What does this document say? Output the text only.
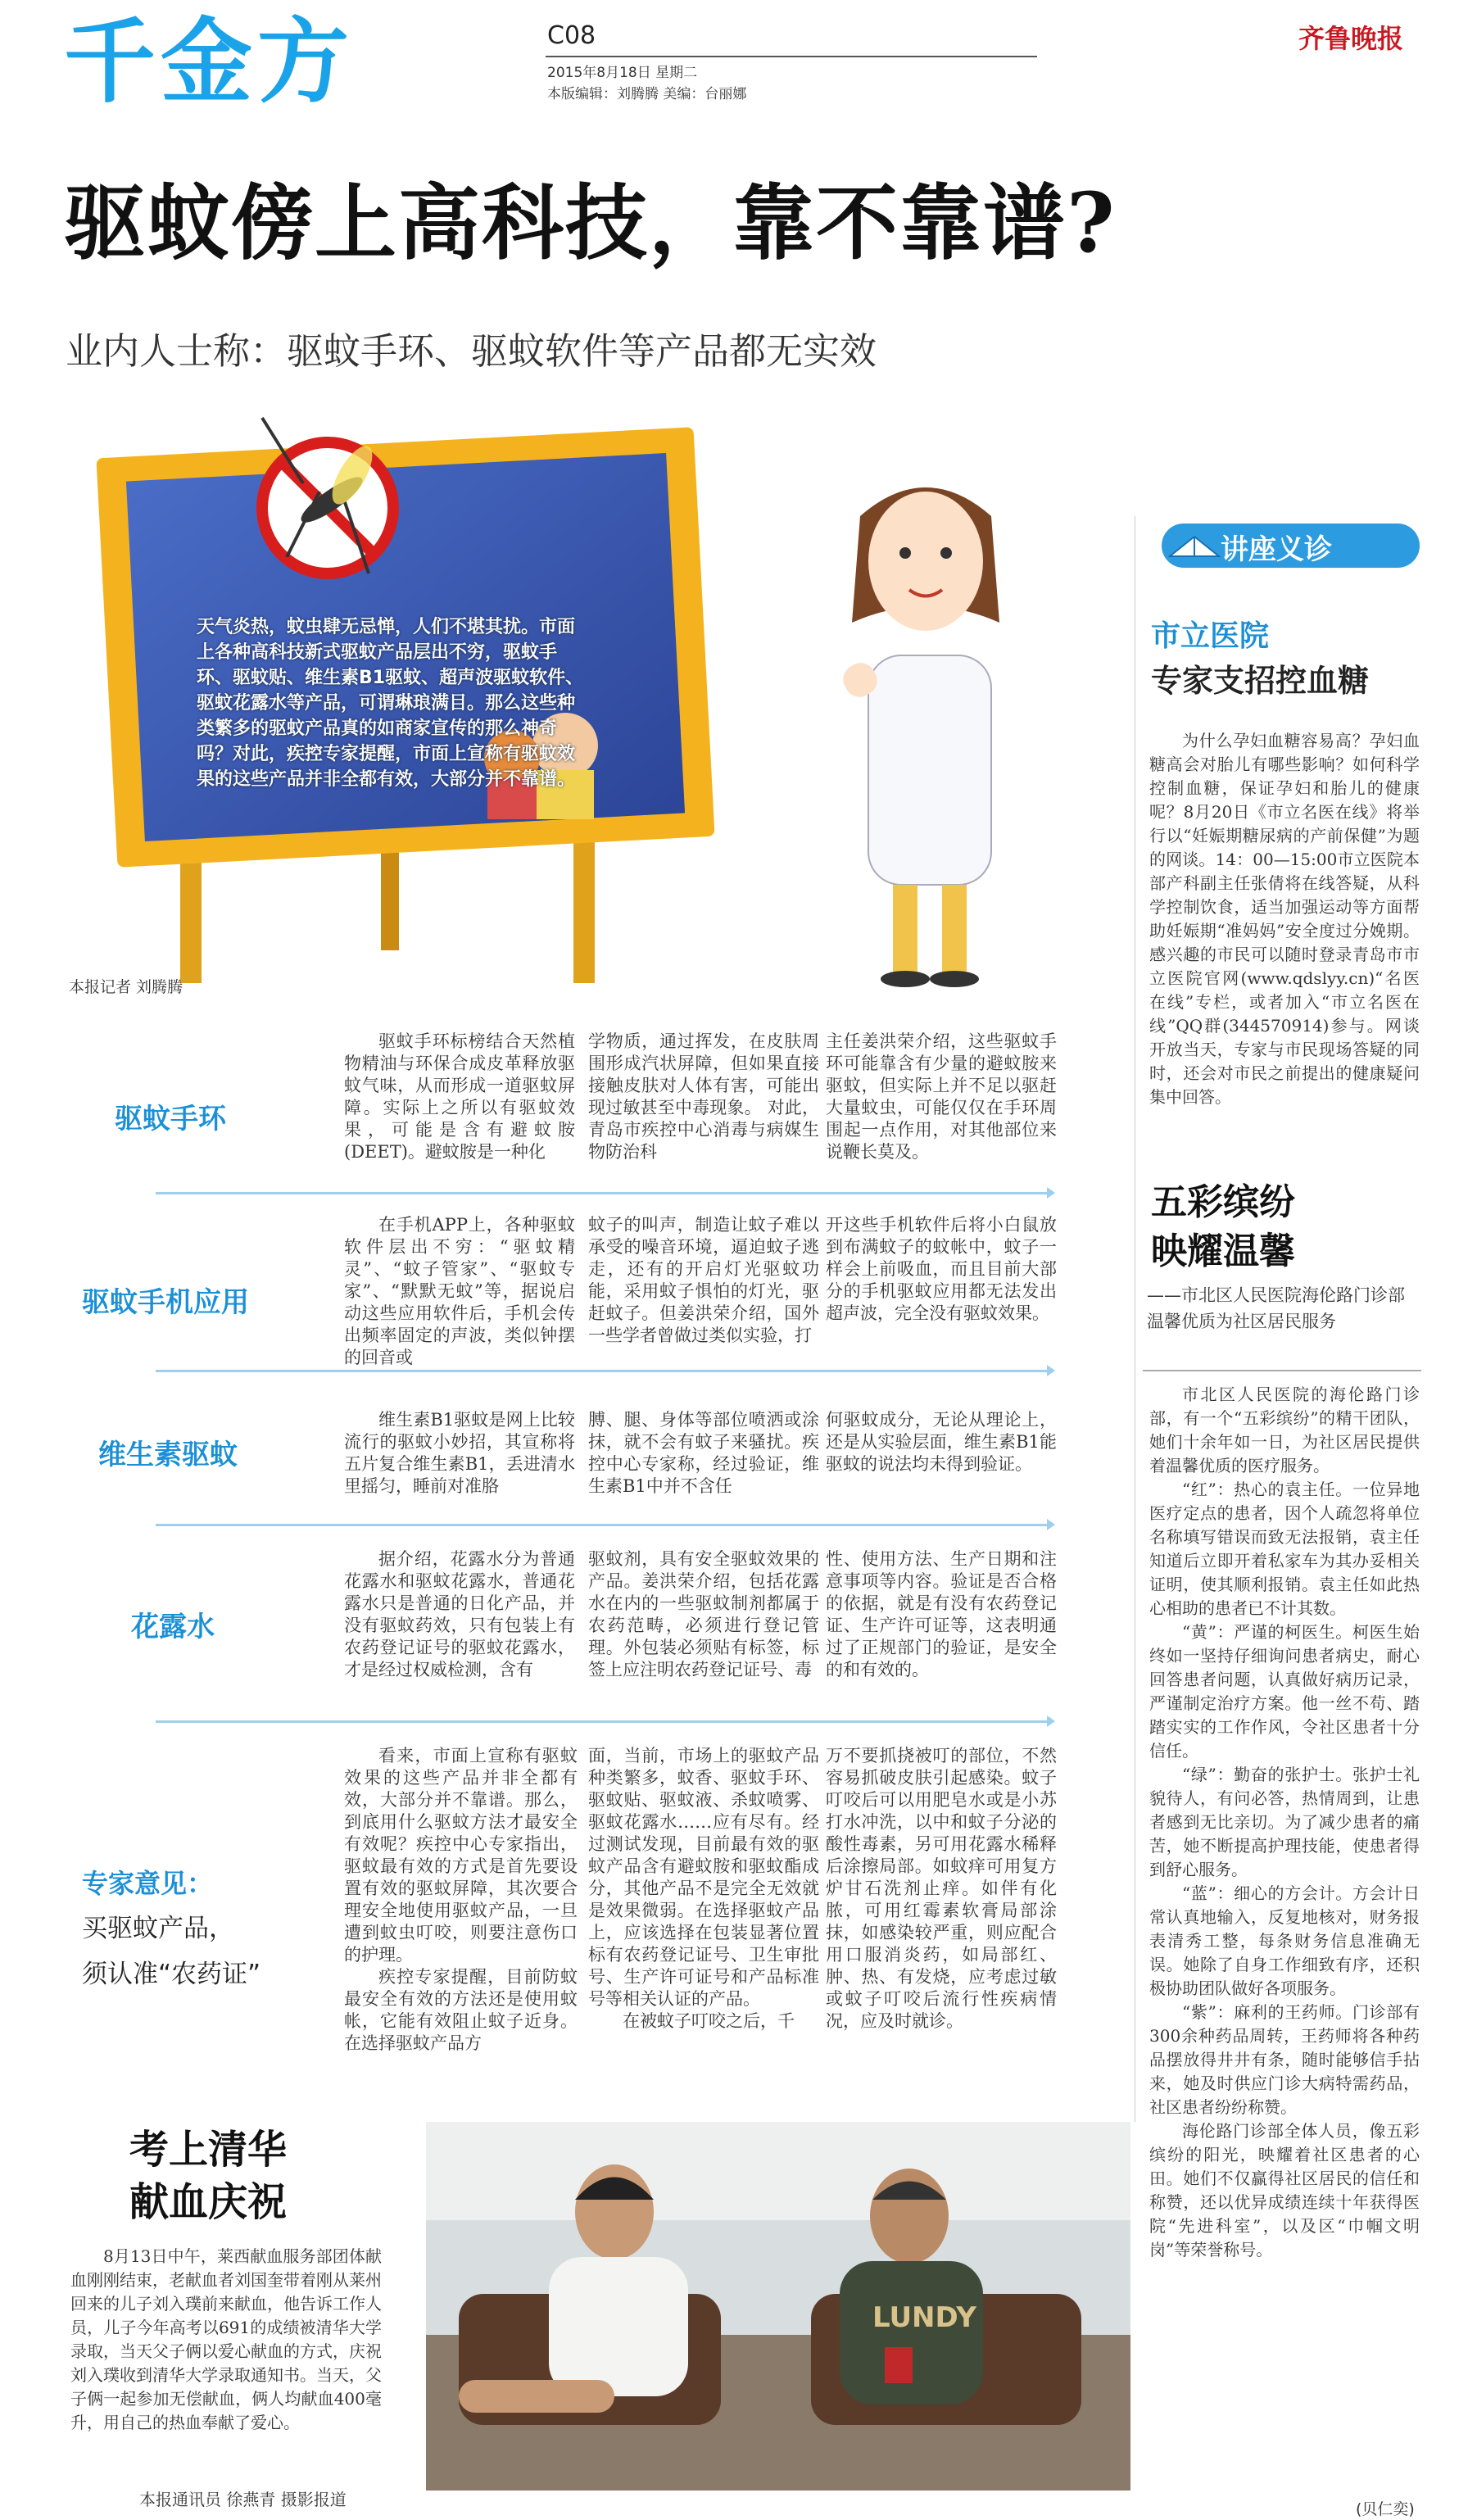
千金方	C08
2015年8月18日 星期二
本版编辑：刘腾腾 美编：台丽娜
齐鲁晚报
驱蚊傍上高科技，靠不靠谱?
业内人士称：驱蚊手环、驱蚊软件等产品都无实效
天气炎热，蚊虫肆无忌惮，人们不堪其扰。市面上各种高科技新式驱蚊产品层出不穷，驱蚊手环、驱蚊贴、维生素B1驱蚊、超声波驱蚊软件、驱蚊花露水等产品，可谓琳琅满目。那么这些种类繁多的驱蚊产品真的如商家宣传的那么神奇吗？对此，疾控专家提醒，市面上宣称有驱蚊效果的这些产品并非全都有效，大部分并不靠谱。
本报记者 刘腾腾
讲座义诊
市立医院
专家支招控血糖
为什么孕妇血糖容易高？孕妇血糖高会对胎儿有哪些影响？如何科学控制血糖，保证孕妇和胎儿的健康呢？8月20日《市立名医在线》将举行以“妊娠期糖尿病的产前保健”为题的网谈。14：00—15:00市立医院本部产科副主任张倩将在线答疑，从科学控制饮食，适当加强运动等方面帮助妊娠期“准妈妈”安全度过分娩期。感兴趣的市民可以随时登录青岛市市立医院官网(www.qdslyy.cn)“名医在线”专栏，或者加入“市立名医在线”QQ群(344570914)参与。网谈开放当天，专家与市民现场答疑的同时，还会对市民之前提出的健康疑问集中回答。
五彩缤纷
映耀温馨
——市北区人民医院海伦路门诊部
温馨优质为社区居民服务

市北区人民医院的海伦路门诊部，有一个“五彩缤纷”的精干团队，她们十余年如一日，为社区居民提供着温馨优质的医疗服务。

“红”：热心的袁主任。一位异地医疗定点的患者，因个人疏忽将单位名称填写错误而致无法报销，袁主任知道后立即开着私家车为其办妥相关证明，使其顺利报销。袁主任如此热心相助的患者已不计其数。

“黄”：严谨的柯医生。柯医生始终如一坚持仔细询问患者病史，耐心回答患者问题，认真做好病历记录，严谨制定治疗方案。他一丝不苟、踏踏实实的工作作风，令社区患者十分信任。

“绿”：勤奋的张护士。张护士礼貌待人，有问必答，热情周到，让患者感到无比亲切。为了减少患者的痛苦，她不断提高护理技能，使患者得到舒心服务。

“蓝”：细心的方会计。方会计日常认真地输入，反复地核对，财务报表清秀工整，每条财务信息准确无误。她除了自身工作细致有序，还积极协助团队做好各项服务。

“紫”：麻利的王药师。门诊部有300余种药品周转，王药师将各种药品摆放得井井有条，随时能够信手拈来，她及时供应门诊大病特需药品，社区患者纷纷称赞。

海伦路门诊部全体人员，像五彩缤纷的阳光，映耀着社区患者的心田。她们不仅赢得社区居民的信任和称赞，还以优异成绩连续十年获得医院“先进科室”，以及区“巾帼文明岗”等荣誉称号。

(贝仁奕)
驱蚊手环

驱蚊手环标榜结合天然植物精油与环保合成皮革释放驱蚊气味，从而形成一道驱蚊屏障。实际上之所以有驱蚊效果，可能是含有避蚊胺(DEET)。避蚊胺是一种化

学物质，通过挥发，在皮肤周围形成汽状屏障，但如果直接接触皮肤对人体有害，可能出现过敏甚至中毒现象。 对此，青岛市疾控中心消毒与病媒生物防治科

主任姜洪荣介绍，这些驱蚊手环可能靠含有少量的避蚊胺来驱蚊，但实际上并不足以驱赶大量蚊虫，可能仅仅在手环周围起一点作用，对其他部位来说鞭长莫及。

驱蚊手机应用

在手机APP上，各种驱蚊软件层出不穷：“驱蚊精灵”、“蚊子管家”、“驱蚊专家”、“默默无蚊”等，据说启动这些应用软件后，手机会传出频率固定的声波，类似钟摆的回音或

蚊子的叫声，制造让蚊子难以承受的噪音环境，逼迫蚊子逃走，还有的开启灯光驱蚊功能，采用蚊子惧怕的灯光，驱赶蚊子。但姜洪荣介绍，国外一些学者曾做过类似实验，打

开这些手机软件后将小白鼠放到布满蚊子的蚊帐中，蚊子一样会上前吸血，而且目前大部分的手机驱蚊应用都无法发出超声波，完全没有驱蚊效果。

维生素驱蚊

维生素B1驱蚊是网上比较流行的驱蚊小妙招，其宣称将五片复合维生素B1，丢进清水里摇匀，睡前对准胳

膊、腿、身体等部位喷洒或涂抹，就不会有蚊子来骚扰。疾控中心专家称，经过验证，维生素B1中并不含任

何驱蚊成分，无论从理论上，还是从实验层面，维生素B1能驱蚊的说法均未得到验证。

花露水

据介绍，花露水分为普通花露水和驱蚊花露水，普通花露水只是普通的日化产品，并没有驱蚊药效，只有包装上有农药登记证号的驱蚊花露水，才是经过权威检测，含有

驱蚊剂，具有安全驱蚊效果的产品。姜洪荣介绍，包括花露水在内的一些驱蚊制剂都属于农药范畴，必须进行登记管理。外包装必须贴有标签，标签上应注明农药登记证号、毒

性、使用方法、生产日期和注意事项等内容。验证是否合格的依据，就是有没有农药登记证、生产许可证等，这表明通过了正规部门的验证，是安全的和有效的。

专家意见：
买驱蚊产品，
须认准“农药证”

看来，市面上宣称有驱蚊效果的这些产品并非全都有效，大部分并不靠谱。那么，到底用什么驱蚊方法才最安全有效呢？疾控中心专家指出，驱蚊最有效的方式是首先要设置有效的驱蚊屏障，其次要合理安全地使用驱蚊产品，一旦遭到蚊虫叮咬，则要注意伤口的护理。

疾控专家提醒，目前防蚊最安全有效的方法还是使用蚊帐，它能有效阻止蚊子近身。在选择驱蚊产品方

面，当前，市场上的驱蚊产品种类繁多，蚊香、驱蚊手环、驱蚊贴、驱蚊液、杀蚊喷雾、驱蚊花露水……应有尽有。经过测试发现，目前最有效的驱蚊产品含有避蚊胺和驱蚊酯成分，其他产品不是完全无效就是效果微弱。在选择驱蚊产品上，应该选择在包装显著位置标有农药登记证号、卫生审批号、生产许可证号和产品标准号等相关认证的产品。

在被蚊子叮咬之后，千

万不要抓挠被叮的部位，不然容易抓破皮肤引起感染。蚊子叮咬后可以用肥皂水或是小苏打水冲洗，以中和蚊子分泌的酸性毒素，另可用花露水稀释后涂擦局部。如蚊痒可用复方炉甘石洗剂止痒。如伴有化脓，可用红霉素软膏局部涂抹，如感染较严重，则应配合用口服消炎药，如局部红、肿、热、有发烧，应考虑过敏或蚊子叮咬后流行性疾病情况，应及时就诊。

考上清华
献血庆祝
8月13日中午，莱西献血服务部团体献血刚刚结束，老献血者刘国奎带着刚从莱州回来的儿子刘入璞前来献血，他告诉工作人员，儿子今年高考以691的成绩被清华大学录取，当天父子俩以爱心献血的方式，庆祝刘入璞收到清华大学录取通知书。当天，父子俩一起参加无偿献血，俩人均献血400毫升，用自己的热血奉献了爱心。
本报通讯员 徐燕青 摄影报道
LUNDY
